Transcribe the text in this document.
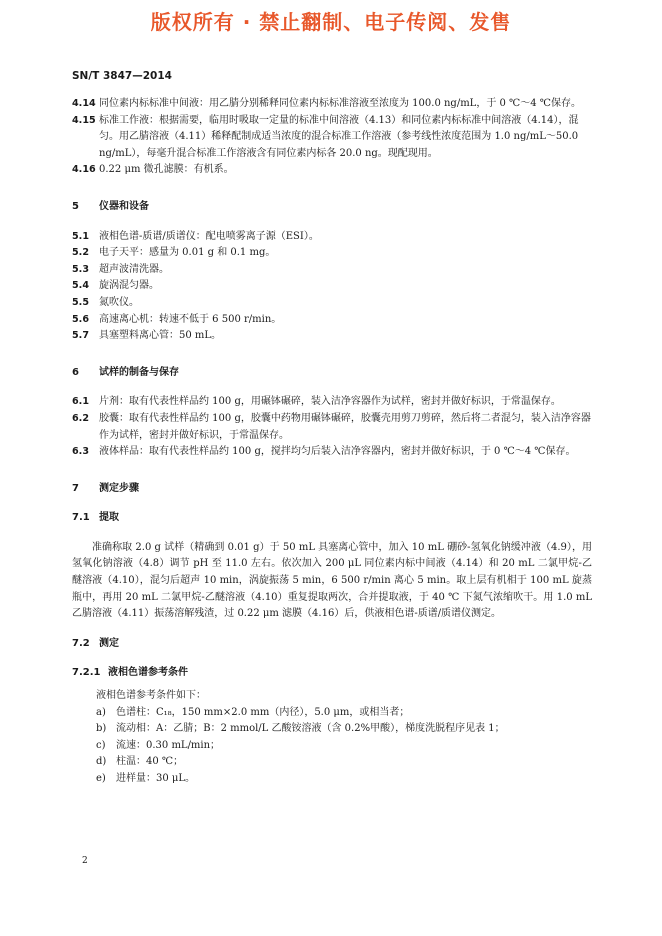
版权所有 · 禁止翻制、电子传阅、发售
SN/T 3847—2014

4.14 同位素内标标准中间液：用乙腈分别稀释同位素内标标准溶液至浓度为 100.0 ng/mL，于 0 ℃～4 ℃保存。

4.15 标准工作液：根据需要，临用时吸取一定量的标准中间溶液（4.13）和同位素内标标准中间溶液（4.14），混匀。用乙腈溶液（4.11）稀释配制成适当浓度的混合标准工作溶液（参考线性浓度范围为 1.0 ng/mL～50.0 ng/mL），每毫升混合标准工作溶液含有同位素内标各 20.0 ng。现配现用。

4.16 0.22 μm 微孔滤膜：有机系。

5 仪器和设备

5.1 液相色谱-质谱/质谱仪：配电喷雾离子源（ESI）。

5.2 电子天平：感量为 0.01 g 和 0.1 mg。

5.3 超声波清洗器。

5.4 旋涡混匀器。

5.5 氮吹仪。

5.6 高速离心机：转速不低于 6 500 r/min。

5.7 具塞塑料离心管：50 mL。

6 试样的制备与保存

6.1 片剂：取有代表性样品约 100 g，用碾钵碾碎，装入洁净容器作为试样，密封并做好标识，于常温保存。

6.2 胶囊：取有代表性样品约 100 g，胶囊中药物用碾钵碾碎，胶囊壳用剪刀剪碎，然后将二者混匀，装入洁净容器作为试样，密封并做好标识，于常温保存。

6.3 液体样品：取有代表性样品约 100 g，搅拌均匀后装入洁净容器内，密封并做好标识，于 0 ℃～4 ℃保存。

7 测定步骤

7.1 提取

准确称取 2.0 g 试样（精确到 0.01 g）于 50 mL 具塞离心管中，加入 10 mL 硼砂-氢氧化钠缓冲液（4.9），用氢氧化钠溶液（4.8）调节 pH 至 11.0 左右。依次加入 200 μL 同位素内标中间液（4.14）和 20 mL 二氯甲烷-乙醚溶液（4.10），混匀后超声 10 min，涡旋振荡 5 min，6 500 r/min 离心 5 min。取上层有机相于 100 mL 旋蒸瓶中，再用 20 mL 二氯甲烷-乙醚溶液（4.10）重复提取两次，合并提取液，于 40 ℃ 下氮气浓缩吹干。用 1.0 mL 乙腈溶液（4.11）振荡溶解残渣，过 0.22 μm 滤膜（4.16）后，供液相色谱-质谱/质谱仪测定。

7.2 测定

7.2.1 液相色谱参考条件

液相色谱参考条件如下：

a) 色谱柱：C₁₈，150 mm×2.0 mm（内径），5.0 μm，或相当者；

b) 流动相：A：乙腈；B：2 mmol/L 乙酸铵溶液（含 0.2%甲酸），梯度洗脱程序见表 1；

c) 流速：0.30 mL/min；

d) 柱温：40 ℃；

e) 进样量：30 μL。

2
